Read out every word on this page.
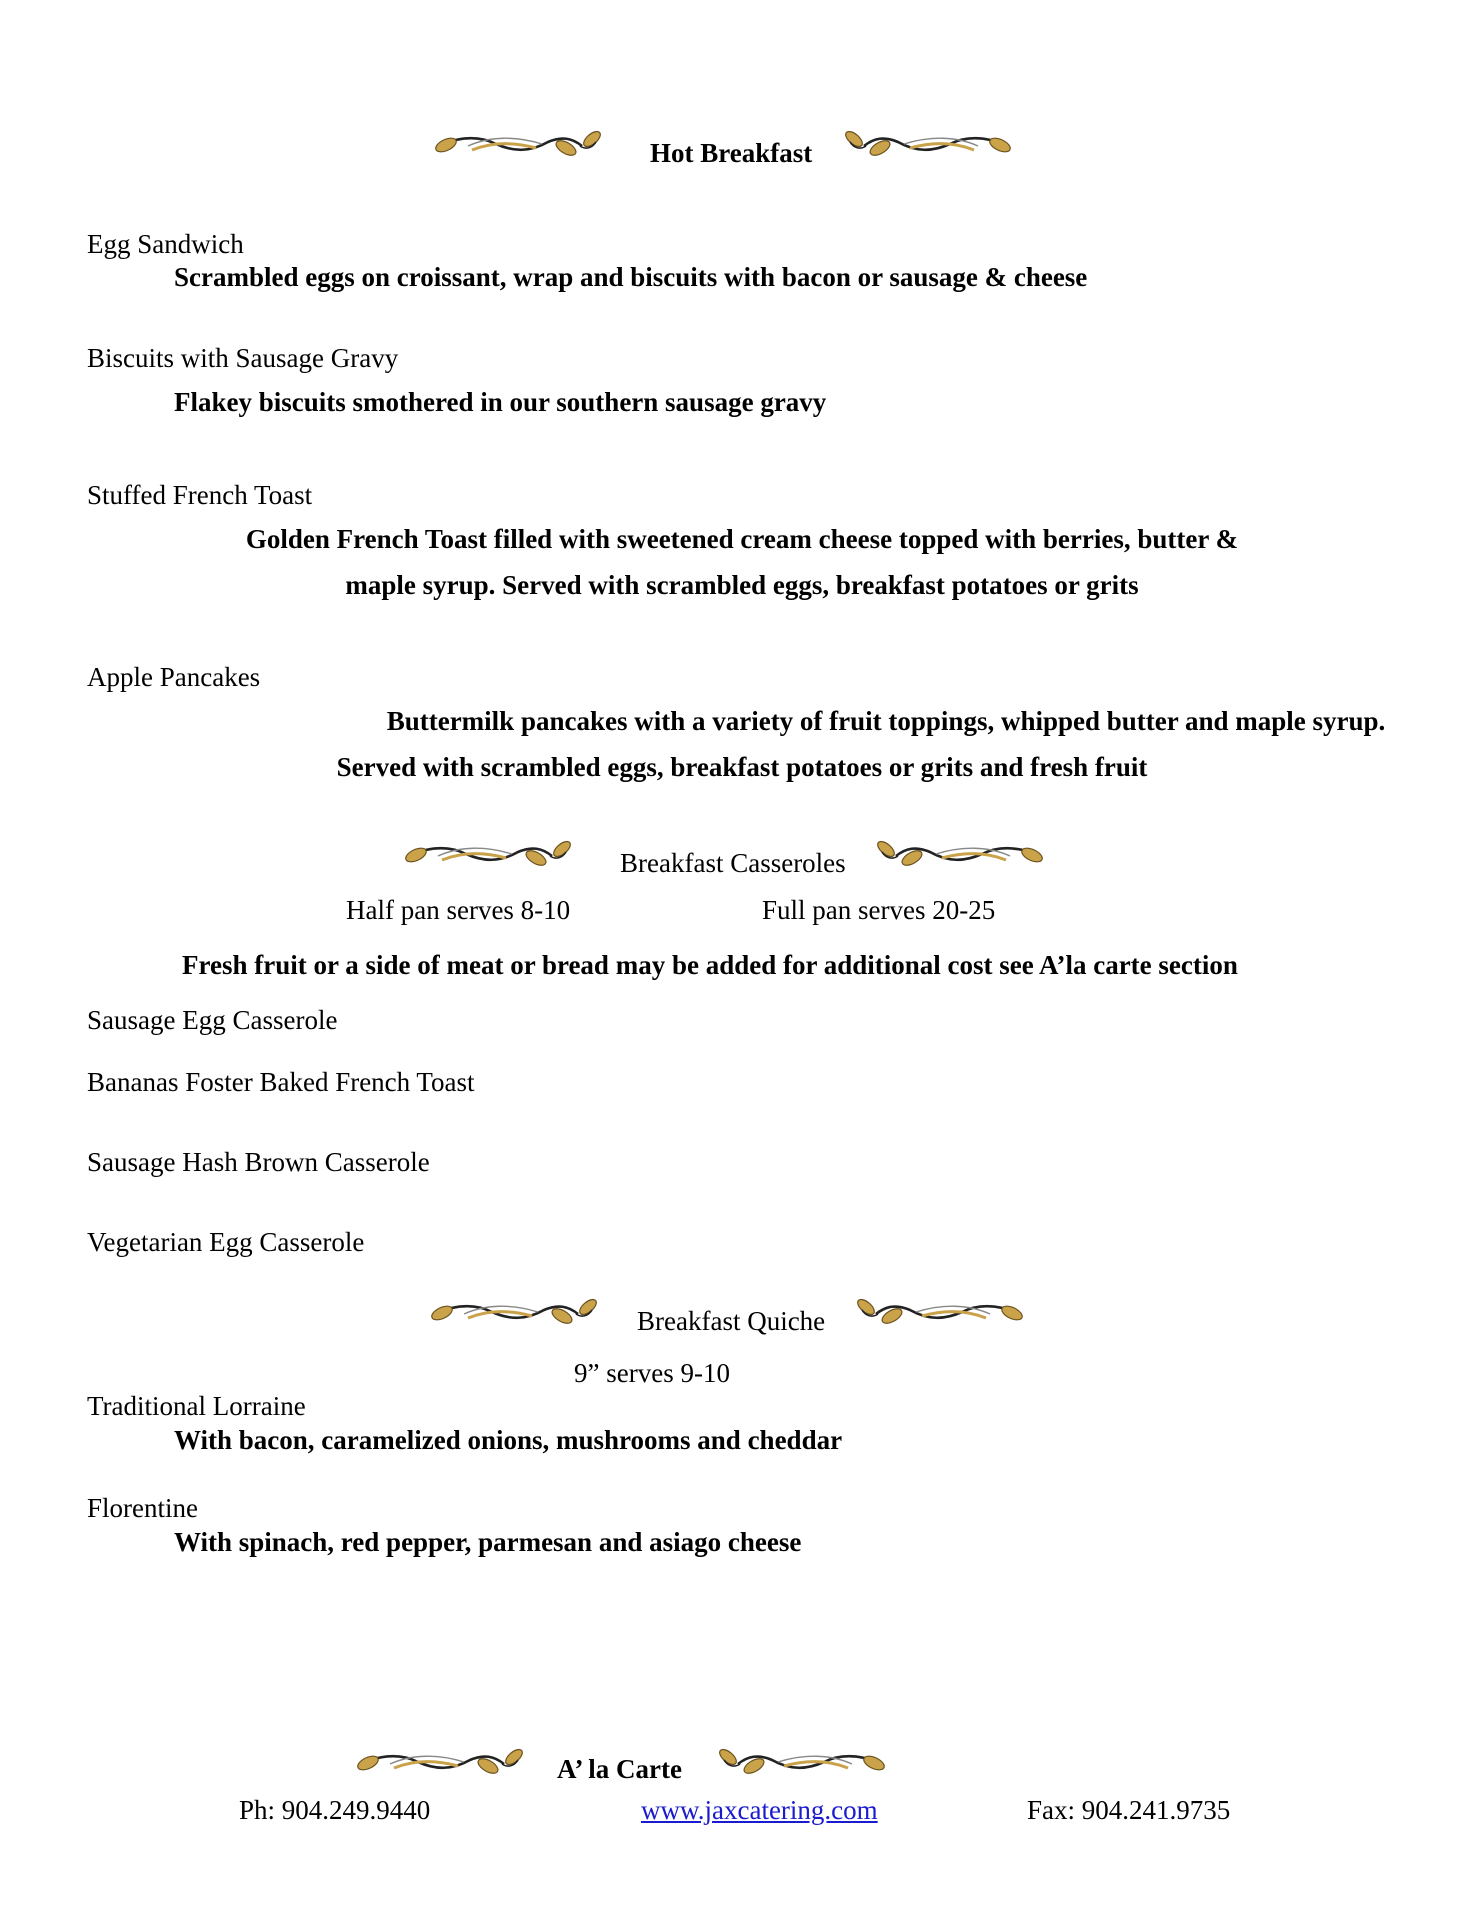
Hot Breakfast
Egg Sandwich
Scrambled eggs on croissant, wrap and biscuits with bacon or sausage & cheese
Biscuits with Sausage Gravy
Flakey biscuits smothered in our southern sausage gravy
Stuffed French Toast
Golden French Toast filled with sweetened cream cheese topped with berries, butter &
maple syrup. Served with scrambled eggs, breakfast potatoes or grits
Apple Pancakes
Buttermilk pancakes with a variety of fruit toppings, whipped butter and maple syrup.
Served with scrambled eggs, breakfast potatoes or grits and fresh fruit
Breakfast Casseroles
Half pan serves 8-10	Full pan serves 20-25
Fresh fruit or a side of meat or bread may be added for additional cost see A’la carte section
Sausage Egg Casserole
Bananas Foster Baked French Toast
Sausage Hash Brown Casserole
Vegetarian Egg Casserole
Breakfast Quiche
9” serves 9-10
Traditional Lorraine
With bacon, caramelized onions, mushrooms and cheddar
Florentine
With spinach, red pepper, parmesan and asiago cheese
A’ la Carte
Ph: 904.249.9440	www.jaxcatering.com	Fax: 904.241.9735
